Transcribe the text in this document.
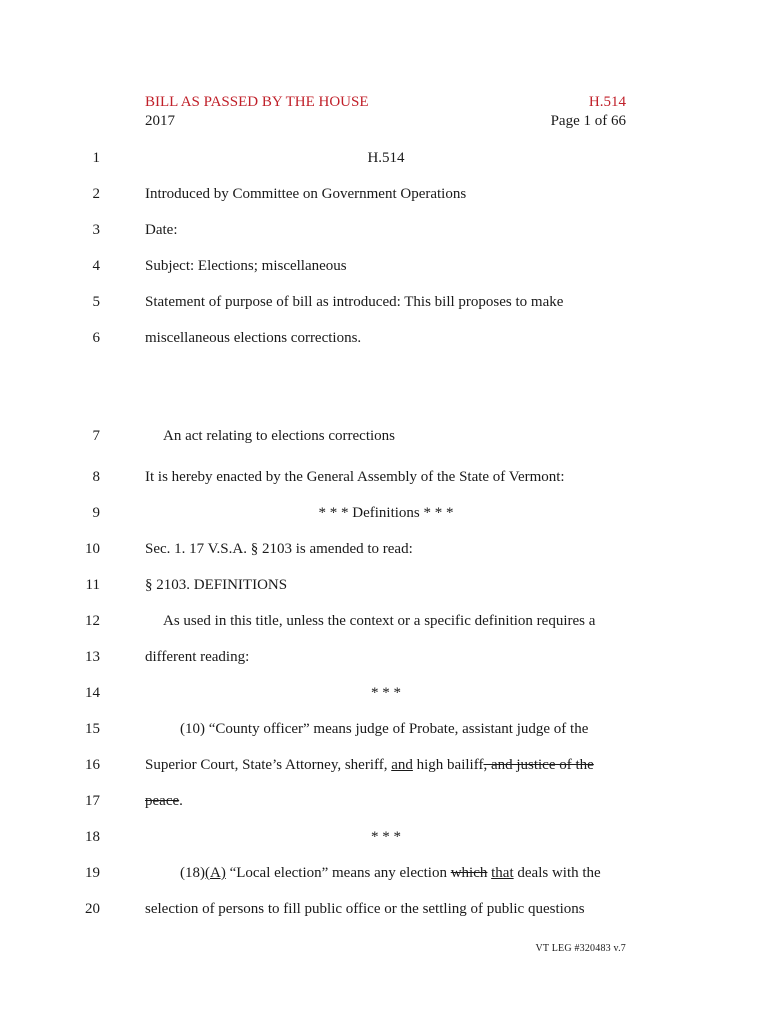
BILL AS PASSED BY THE HOUSE
2017
H.514
Page 1 of 66
1	H.514
2	Introduced by Committee on Government Operations
3	Date:
4	Subject: Elections; miscellaneous
5	Statement of purpose of bill as introduced: This bill proposes to make
6	miscellaneous elections corrections.
7	An act relating to elections corrections
8	It is hereby enacted by the General Assembly of the State of Vermont:
9	* * * Definitions * * *
10	Sec. 1. 17 V.S.A. § 2103 is amended to read:
11	§ 2103. DEFINITIONS
12	As used in this title, unless the context or a specific definition requires a
13	different reading:
14	* * *
15	(10) “County officer” means judge of Probate, assistant judge of the
16	Superior Court, State’s Attorney, sheriff, and high bailiff, and justice of the
17	peace.
18	* * *
19	(18)(A) “Local election” means any election which that deals with the
20	selection of persons to fill public office or the settling of public questions
VT LEG #320483 v.7
